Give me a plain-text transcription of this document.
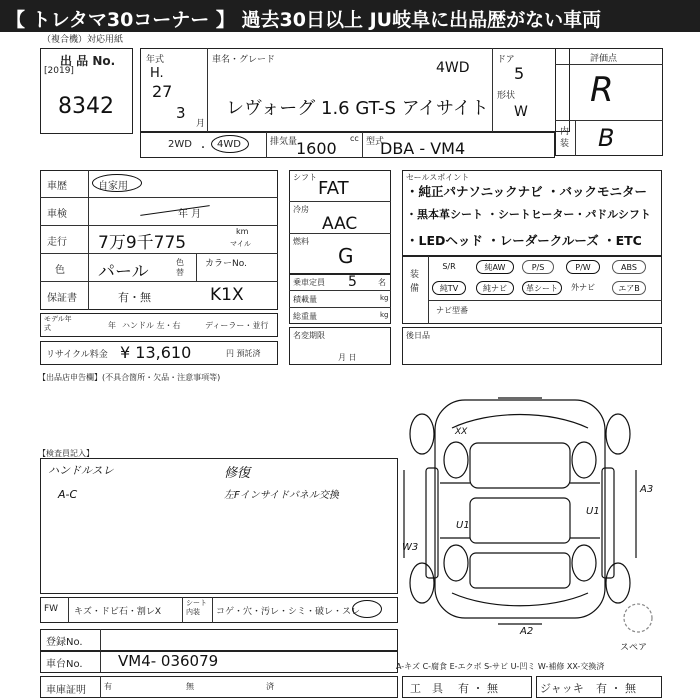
【 トレタマ30コーナー 】 過去30日以上 JU岐阜に出品歴がない車両
（複合機）対応用紙
出 品 No.
[2019]
8342
年式
H.
27
3
月
車名・グレード	4WD
レヴォーグ 1.6 GT-S アイサイト
ドア
5
形状
W
評価点
R
内装 B
2WD ・ 4WD	排気量
1600
cc 型式
DBA - VM4
車歴	自家用
車検	年 月
走行 7万9千775
km
マイル
色 パール	色替
カラーNo.
保証書	有・無	K1X
モデル年式	年 ハンドル 左・右	ディーラー・並行
シフト
FAT
冷房
AAC
燃料
G
乗車定員 5	名
積載量	kg
総重量	kg
名変期限
月 日
セールスポイント
・純正パナソニックナビ ・バックモニター
・黒本革シート ・シートヒーター・パドルシフト
・LEDヘッド ・レーダークルーズ ・ETC
装備
S/R	純AW	P/S	P/W	ABS
純TV	純ナビ	革シート	外ナビ	エアB
ナビ型番
後日品
リサイクル料金 ¥ 13,610	円 預託済
【出品店申告欄】(不具合箇所・欠品・注意事項等)
【検査員記入】
ハンドルスレ
A-C
修復
左Fインサイドパネル交換
XX
A3
U1
W3
U1
A2
スペア
FW キズ・ドビ石・割レX
シート内装	コゲ・穴・汚レ・シミ・破レ・スレ
登録No.
車台No. VM4- 036079	A-キズ C-腐食 E-エクボ S-サビ U-凹ミ W-補修 XX-交換済
車庫証明 有	無	済	工　具 有 ・ 無	ジャッキ 有 ・ 無
